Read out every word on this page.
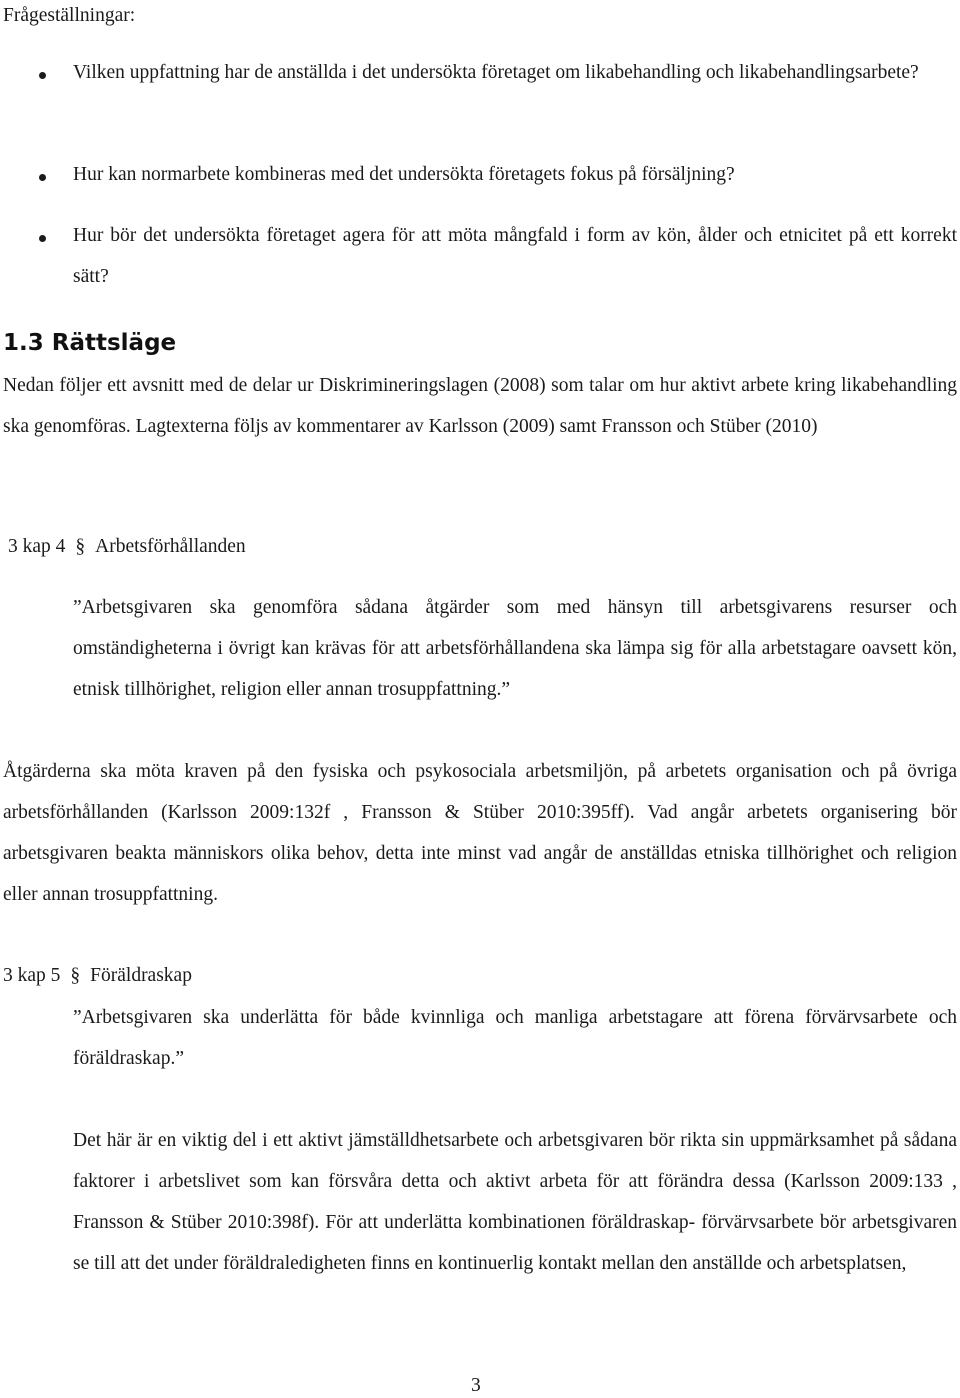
Frågeställningar:

Vilken uppfattning har de anställda i det undersökta företaget om likabehandling och likabehandlingsarbete?
Hur kan normarbete kombineras med det undersökta företagets fokus på försäljning?
Hur bör det undersökta företaget agera för att möta mångfald i form av kön, ålder och etnicitet på ett korrekt sätt?
1.3 Rättsläge

Nedan följer ett avsnitt med de delar ur Diskrimineringslagen (2008) som talar om hur aktivt arbete kring likabehandling ska genomföras. Lagtexterna följs av kommentarer av Karlsson (2009) samt Fransson och Stüber (2010)

3 kap 4 § Arbetsförhållanden

”Arbetsgivaren ska genomföra sådana åtgärder som med hänsyn till arbetsgivarens resurser och omständigheterna i övrigt kan krävas för att arbetsförhållandena ska lämpa sig för alla arbetstagare oavsett kön, etnisk tillhörighet, religion eller annan trosuppfattning.”

Åtgärderna ska möta kraven på den fysiska och psykosociala arbetsmiljön, på arbetets organisation och på övriga arbetsförhållanden (Karlsson 2009:132f , Fransson & Stüber 2010:395ff). Vad angår arbetets organisering bör arbetsgivaren beakta människors olika behov, detta inte minst vad angår de anställdas etniska tillhörighet och religion eller annan trosuppfattning.

3 kap 5 § Föräldraskap

”Arbetsgivaren ska underlätta för både kvinnliga och manliga arbetstagare att förena förvärvsarbete och föräldraskap.”

Det här är en viktig del i ett aktivt jämställdhetsarbete och arbetsgivaren bör rikta sin uppmärksamhet på sådana faktorer i arbetslivet som kan försvåra detta och aktivt arbeta för att förändra dessa (Karlsson 2009:133 , Fransson & Stüber 2010:398f). För att underlätta kombinationen föräldraskap- förvärvsarbete bör arbetsgivaren se till att det under föräldraledigheten finns en kontinuerlig kontakt mellan den anställde och arbetsplatsen,

3
